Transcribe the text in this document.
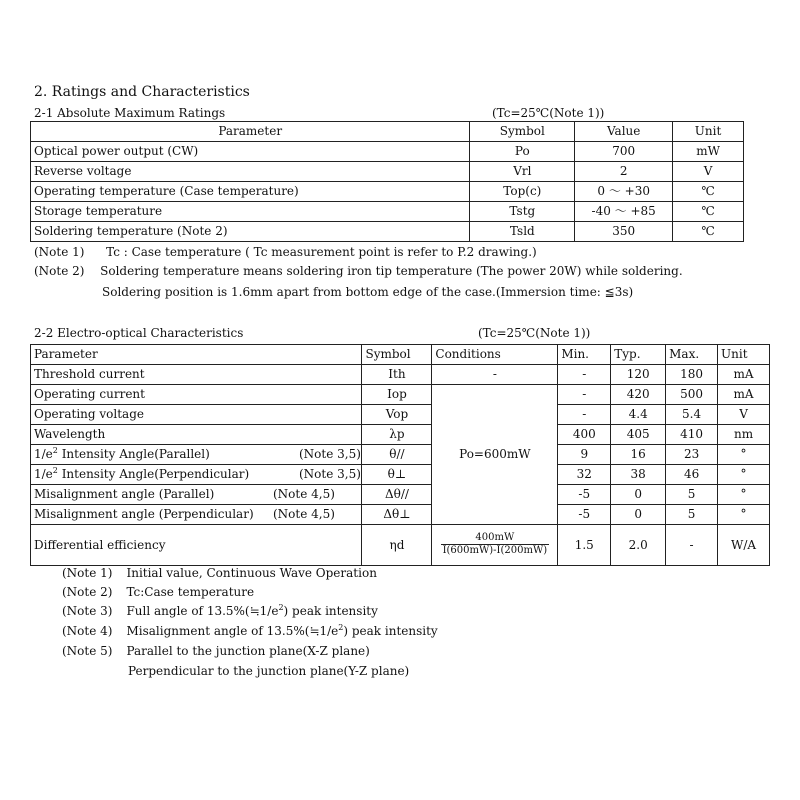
2. Ratings and Characteristics
2-1 Absolute Maximum Ratings	(Tc=25℃(Note 1))
Parameter	Symbol	Value	Unit
Optical power output (CW)	Po	700	mW
Reverse voltage	Vrl	2	V
Operating temperature (Case temperature)	Top(c)	0 ～ +30	℃
Storage temperature	Tstg	-40 ～ +85	℃
Soldering temperature (Note 2)	Tsld	350	℃
(Note 1) Tc : Case temperature ( Tc measurement point is refer to P.2 drawing.)
(Note 2) Soldering temperature means soldering iron tip temperature (The power 20W) while soldering.
Soldering position is 1.6mm apart from bottom edge of the case.(Immersion time: ≦3s)
2-2 Electro-optical Characteristics	(Tc=25℃(Note 1))
Parameter	Symbol	Conditions	Min.	Typ.	Max.	Unit
Threshold current	Ith	-	-	120	180	mA
Operating current	Iop	Po=600mW	-	420	500	mA
Operating voltage	Vop		-	4.4	5.4	V
Wavelength	λp		400	405	410	nm
$1/e^2$ Intensity Angle(Parallel) (Note 3,5)	θ//		9	16	23	°
$1/e^2$ Intensity Angle(Perpendicular) (Note 3,5)	θ⊥		32	38	46	°
Misalignment angle (Parallel) (Note 4,5)	Δθ//		-5	0	5	°
Misalignment angle (Perpendicular) (Note 4,5)	Δθ⊥		-5	0	5	°
Differential efficiency	ηd	$\frac{400mW}{I(600mW)-I(200mW)}$	1.5	2.0	-	W/A
(Note 1) Initial value, Continuous Wave Operation
(Note 2) Tc:Case temperature
(Note 3) Full angle of $13.5\%(≒1/e^2)$ peak intensity
(Note 4) Misalignment angle of $13.5\%(≒1/e^2)$ peak intensity
(Note 5) Parallel to the junction plane(X-Z plane)
Perpendicular to the junction plane(Y-Z plane)
